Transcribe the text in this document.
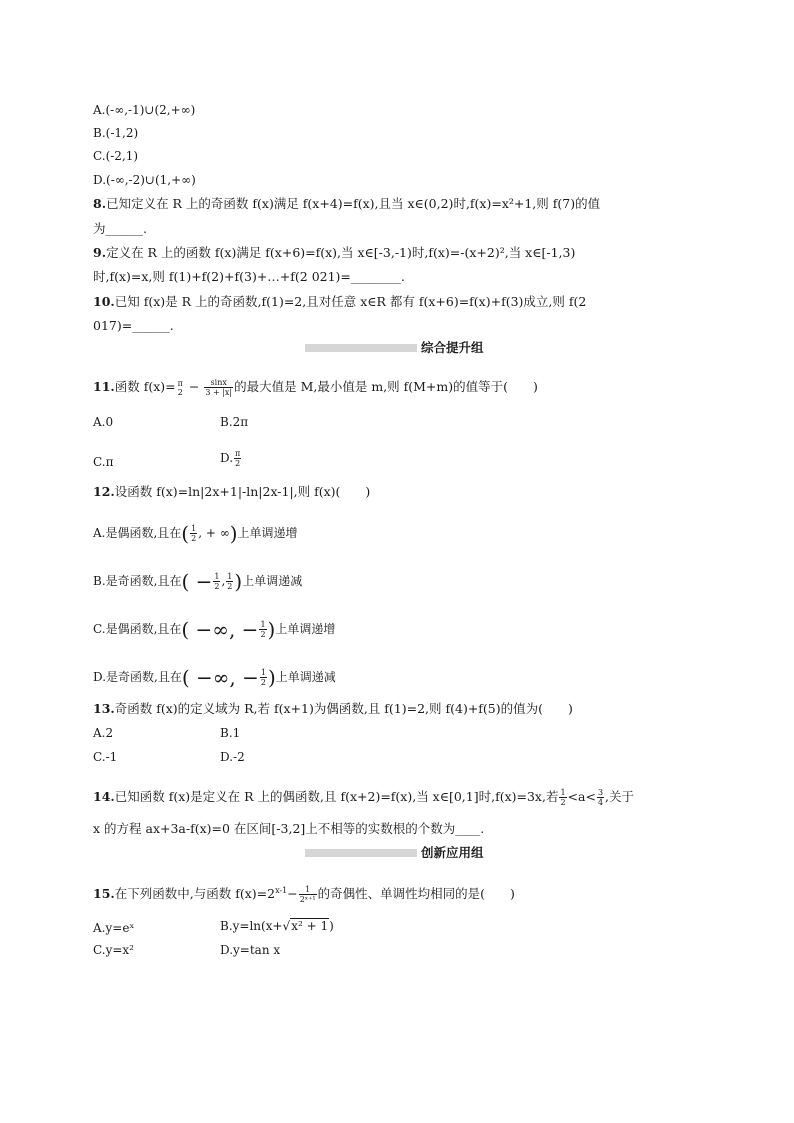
A.(-∞,-1)∪(2,+∞)
B.(-1,2)
C.(-2,1)
D.(-∞,-2)∪(1,+∞)
8.已知定义在 R 上的奇函数 f(x)满足 f(x+4)=f(x),且当 x∈(0,2)时,f(x)=x²+1,则 f(7)的值
为______.
9.定义在 R 上的函数 f(x)满足 f(x+6)=f(x),当 x∈[-3,-1)时,f(x)=-(x+2)²,当 x∈[-1,3)
时,f(x)=x,则 f(1)+f(2)+f(3)+…+f(2 021)=________.
10.已知 f(x)是 R 上的奇函数,f(1)=2,且对任意 x∈R 都有 f(x+6)=f(x)+f(3)成立,则 f(2
017)=______.
综合提升组
11.函数 f(x)= π
$2 - \frac{\sin x}{3 + |x|}$ 的最大值是 M,最小值是 m,则 f(M+m)的值等于(　　)
A.0	B.2π
C.π	D. $\frac{\pi}{2}$
12.设函数 f(x)=ln|2x+1|-ln|2x-1|,则 f(x)(　　)
A.是偶函数,且在( $\frac{1}{2}$ , + ∞)上单调递增
B.是奇函数,且在( − $\frac{1}{2}$ , $\frac{1}{2}$ )上单调递减
C.是偶函数,且在( −∞, − $\frac{1}{2}$ )上单调递增
D.是奇函数,且在( −∞, − $\frac{1}{2}$ )上单调递减
13.奇函数 f(x)的定义域为 R,若 f(x+1)为偶函数,且 f(1)=2,则 f(4)+f(5)的值为(　　)
A.2	B.1
C.-1	D.-2
14.已知函数 f(x)是定义在 R 上的偶函数,且 f(x+2)=f(x),当 x∈[0,1]时,f(x)=3x,若 $\frac{1}{2} <a< \frac{3}{4}$ ,关于
x 的方程 ax+3a-f(x)=0 在区间[-3,2]上不相等的实数根的个数为____.
创新应用组
15.在下列函数中,与函数 $f(x)=2^{x-1}- \frac{1}{\text{2ˣ⁺¹}}$ 的奇偶性、单调性均相同的是(　　)
A.y=eˣ	B.y=ln(x+√x² + 1)
C.y=x²	D.y=tan x
